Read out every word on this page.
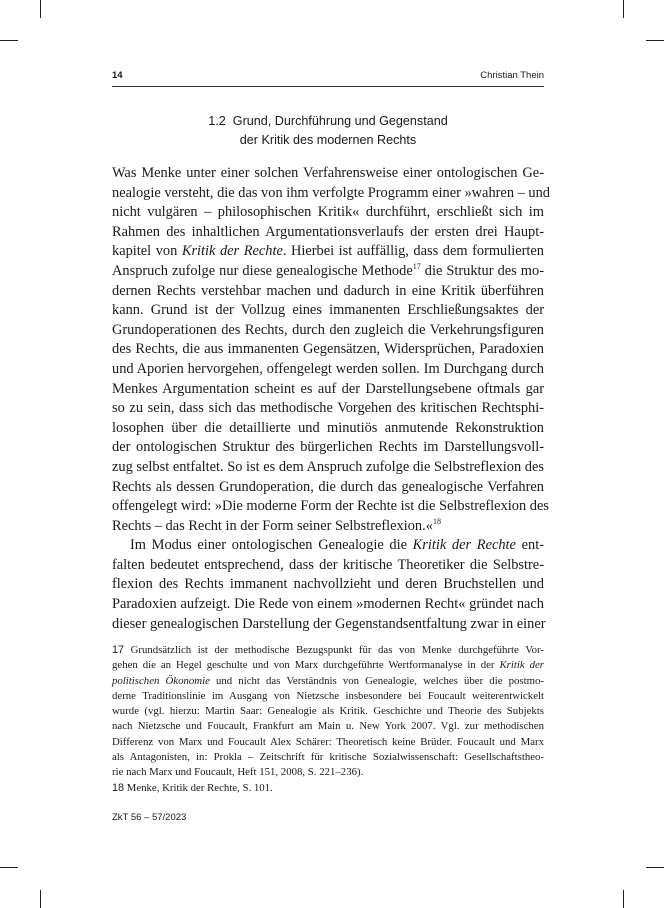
14	Christian Thein
1.2  Grund, Durchführung und Gegenstand
der Kritik des modernen Rechts
Was Menke unter einer solchen Verfahrensweise einer ontologischen Ge-
nealogie versteht, die das von ihm verfolgte Programm einer »wahren – und
nicht vulgären – philosophischen Kritik« durchführt, erschließt sich im
Rahmen des inhaltlichen Argumentationsverlaufs der ersten drei Haupt-
kapitel von Kritik der Rechte. Hierbei ist auffällig, dass dem formulierten
Anspruch zufolge nur diese genealogische Methode$^{17}$ die Struktur des mo-
dernen Rechts verstehbar machen und dadurch in eine Kritik überführen
kann. Grund ist der Vollzug eines immanenten Erschließungsaktes der
Grundoperationen des Rechts, durch den zugleich die Verkehrungsfiguren
des Rechts, die aus immanenten Gegensätzen, Widersprüchen, Paradoxien
und Aporien hervorgehen, offengelegt werden sollen. Im Durchgang durch
Menkes Argumentation scheint es auf der Darstellungsebene oftmals gar
so zu sein, dass sich das methodische Vorgehen des kritischen Rechtsphi-
losophen über die detaillierte und minutiös anmutende Rekonstruktion
der ontologischen Struktur des bürgerlichen Rechts im Darstellungsvoll-
zug selbst entfaltet. So ist es dem Anspruch zufolge die Selbstreflexion des
Rechts als dessen Grundoperation, die durch das genealogische Verfahren
offengelegt wird: »Die moderne Form der Rechte ist die Selbstreflexion des
Rechts – das Recht in der Form seiner Selbstreflexion.«$^{18}$
Im Modus einer ontologischen Genealogie die Kritik der Rechte ent-
falten bedeutet entsprechend, dass der kritische Theoretiker die Selbstre-
flexion des Rechts immanent nachvollzieht und deren Bruchstellen und
Paradoxien aufzeigt. Die Rede von einem »modernen Recht« gründet nach
dieser genealogischen Darstellung der Gegenstandsentfaltung zwar in einer
17 Grundsätzlich ist der methodische Bezugspunkt für das von Menke durchgeführte Vor-
gehen die an Hegel geschulte und von Marx durchgeführte Wertformanalyse in der Kritik der
politischen Ökonomie und nicht das Verständnis von Genealogie, welches über die postmo-
derne Traditionslinie im Ausgang von Nietzsche insbesondere bei Foucault weiterentwickelt
wurde (vgl. hierzu: Martin Saar: Genealogie als Kritik. Geschichte und Theorie des Subjekts
nach Nietzsche und Foucault, Frankfurt am Main u. New York 2007. Vgl. zur methodischen
Differenz von Marx und Foucault Alex Schärer: Theoretisch keine Brüder. Foucault und Marx
als Antagonisten, in: Prokla – Zeitschrift für kritische Sozialwissenschaft: Gesellschaftstheo-
rie nach Marx und Foucault, Heft 151, 2008, S. 221–236).
18 Menke, Kritik der Rechte, S. 101.
ZkT 56 – 57/2023
